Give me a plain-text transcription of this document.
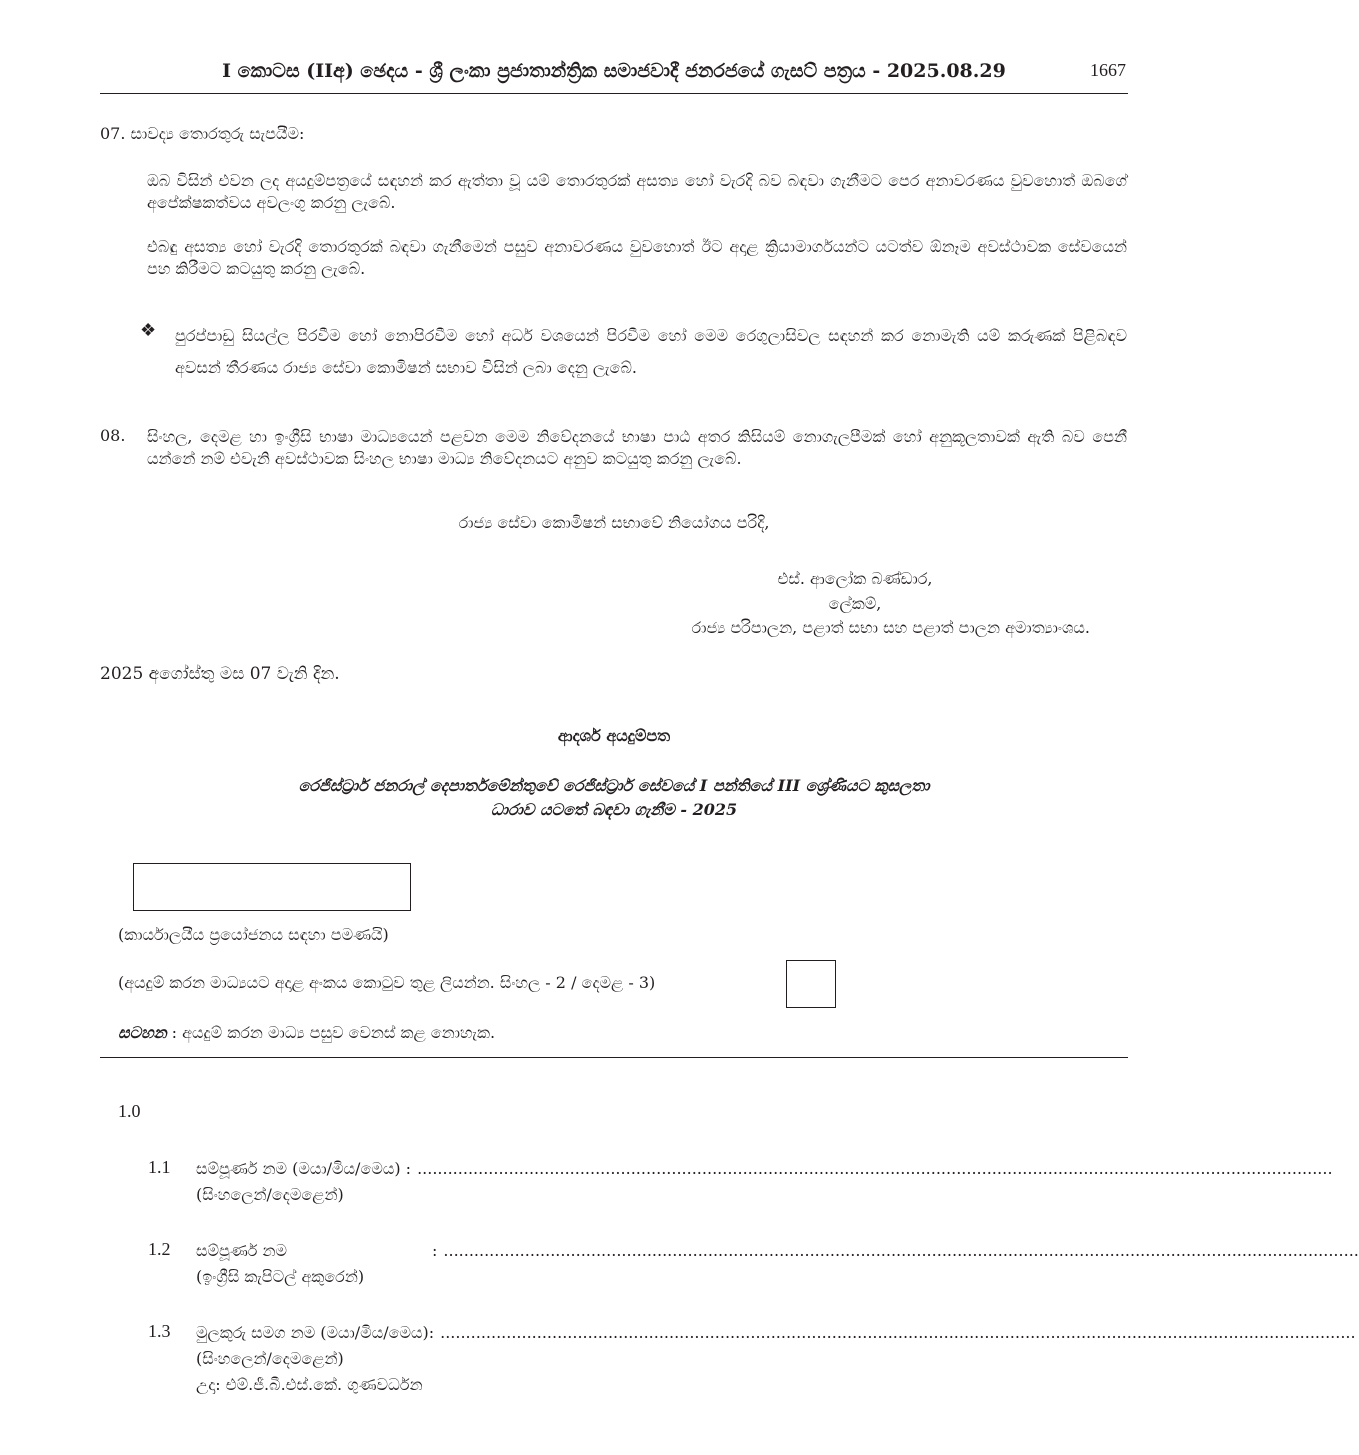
I කොටස (IIඅ) ඡෙදය - ශ්‍රී ලංකා ප්‍රජාතාන්ත්‍රික සමාජවාදී ජනරජයේ ගැසට් පත්‍රය - 2025.08.29	1667
07. සාවද්‍ය තොරතුරු සැපයීම:
ඔබ විසින් එවන ලද අයදුම්පත්‍රයේ සඳහන් කර ඇත්තා වූ යම් තොරතුරක් අසත්‍ය හෝ වැරදි බව බඳවා ගැනීමට පෙර අනාවරණය වුවහොත් ඔබගේ අපේක්ෂකත්වය අවලංගු කරනු ලැබේ.
එබඳු අසත්‍ය හෝ වැරදි තොරතුරක් බඳවා ගැනීමෙන් පසුව අනාවරණය වුවහොත් ඊට අදාළ ක්‍රියාමාර්ගයන්ට යටත්ව ඕනෑම අවස්ථාවක සේවයෙන් පහ කිරීමට කටයුතු කරනු ලැබේ.
❖ පුරප්පාඩු සියල්ල පිරවීම හෝ නොපිරවීම හෝ අර්ධ වශයෙන් පිරවීම හෝ මෙම රෙගුලාසිවල සඳහන් කර නොමැති යම් කරුණක් පිළිබඳව අවසන් තීරණය රාජ්‍ය සේවා කොමිෂන් සභාව විසින් ලබා දෙනු ලැබේ.
08. සිංහල, දෙමළ හා ඉංග්‍රීසි භාෂා මාධ්‍යයෙන් පළවන මෙම නිවේදනයේ භාෂා පාඨ අතර කිසියම් නොගැලපීමක් හෝ අනුකූලතාවක් ඇති බව පෙනී යන්නේ නම් එවැනි අවස්ථාවක සිංහල භාෂා මාධ්‍ය නිවේදනයට අනුව කටයුතු කරනු ලැබේ.
රාජ්‍ය සේවා කොමිෂන් සභාවේ නියෝගය පරිදි,
එස්. ආලෝක බණ්ඩාර,
ලේකම්,
රාජ්‍ය පරිපාලන, පළාත් සභා සහ පළාත් පාලන අමාත්‍යාංශය.
2025 අගෝස්තු මස 07 වැනි දින.
ආදර්ශ අයදුම්පත
රෙජිස්ට්‍රාර් ජනරාල් දෙපාර්තමේන්තුවේ රෙජිස්ට්‍රාර් සේවයේ I පන්තියේ III ශ්‍රේණියට කුසලතා
ධාරාව යටතේ බඳවා ගැනීම - 2025
(කාර්යාලයීය ප්‍රයෝජනය සඳහා පමණයි)
(අයදුම් කරන මාධ්‍යයට අදාළ අංකය කොටුව තුළ ලියන්න. සිංහල - 2 / දෙමළ - 3)
සටහන : අයදුම් කරන මාධ්‍ය පසුව වෙනස් කළ නොහැක.
1.0
1.1 සම්පූර්ණ නම (මයා/මිය/මෙය) : ....................................................................................................................................................................................
(සිංහලෙන්/දෙමළෙන්)
1.2 සම්පූර්ණ නම	: ....................................................................................................................................................................................
(ඉංග්‍රීසි කැපිටල් අකුරෙන්)
1.3 මුලකුරු සමග නම (මයා/මිය/මෙය): ....................................................................................................................................................................................
(සිංහලෙන්/දෙමළෙන්)
උදා: එම්.ජී.බී.එස්.කේ. ගුණවර්ධන
